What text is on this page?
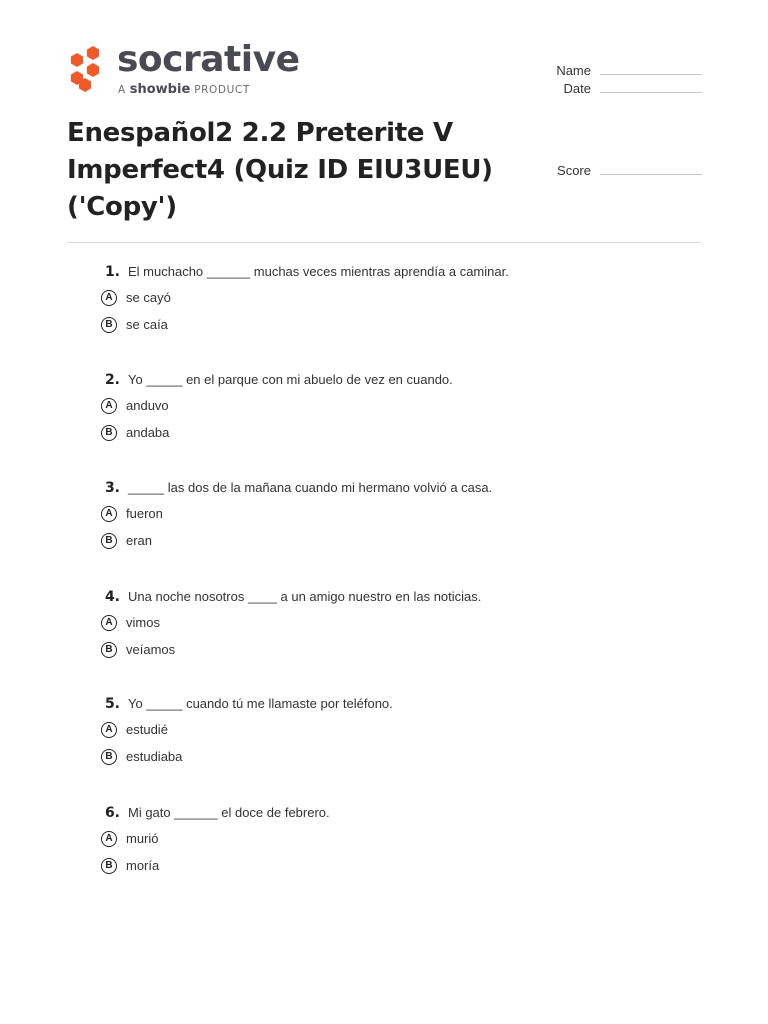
socrative
A showbie PRODUCT
Name
Date
Score
Enespañol2 2.2 Preterite V Imperfect4 (Quiz ID EIU3UEU) ('Copy')
1. El muchacho ______ muchas veces mientras aprendía a caminar.
A	se cayó
B	se caía
2. Yo _____ en el parque con mi abuelo de vez en cuando.
A	anduvo
B	andaba
3. _____ las dos de la mañana cuando mi hermano volvió a casa.
A	fueron
B	eran
4. Una noche nosotros ____ a un amigo nuestro en las noticias.
A	vimos
B	veíamos
5. Yo _____ cuando tú me llamaste por teléfono.
A	estudié
B	estudiaba
6. Mi gato ______ el doce de febrero.
A	murió
B	moría
